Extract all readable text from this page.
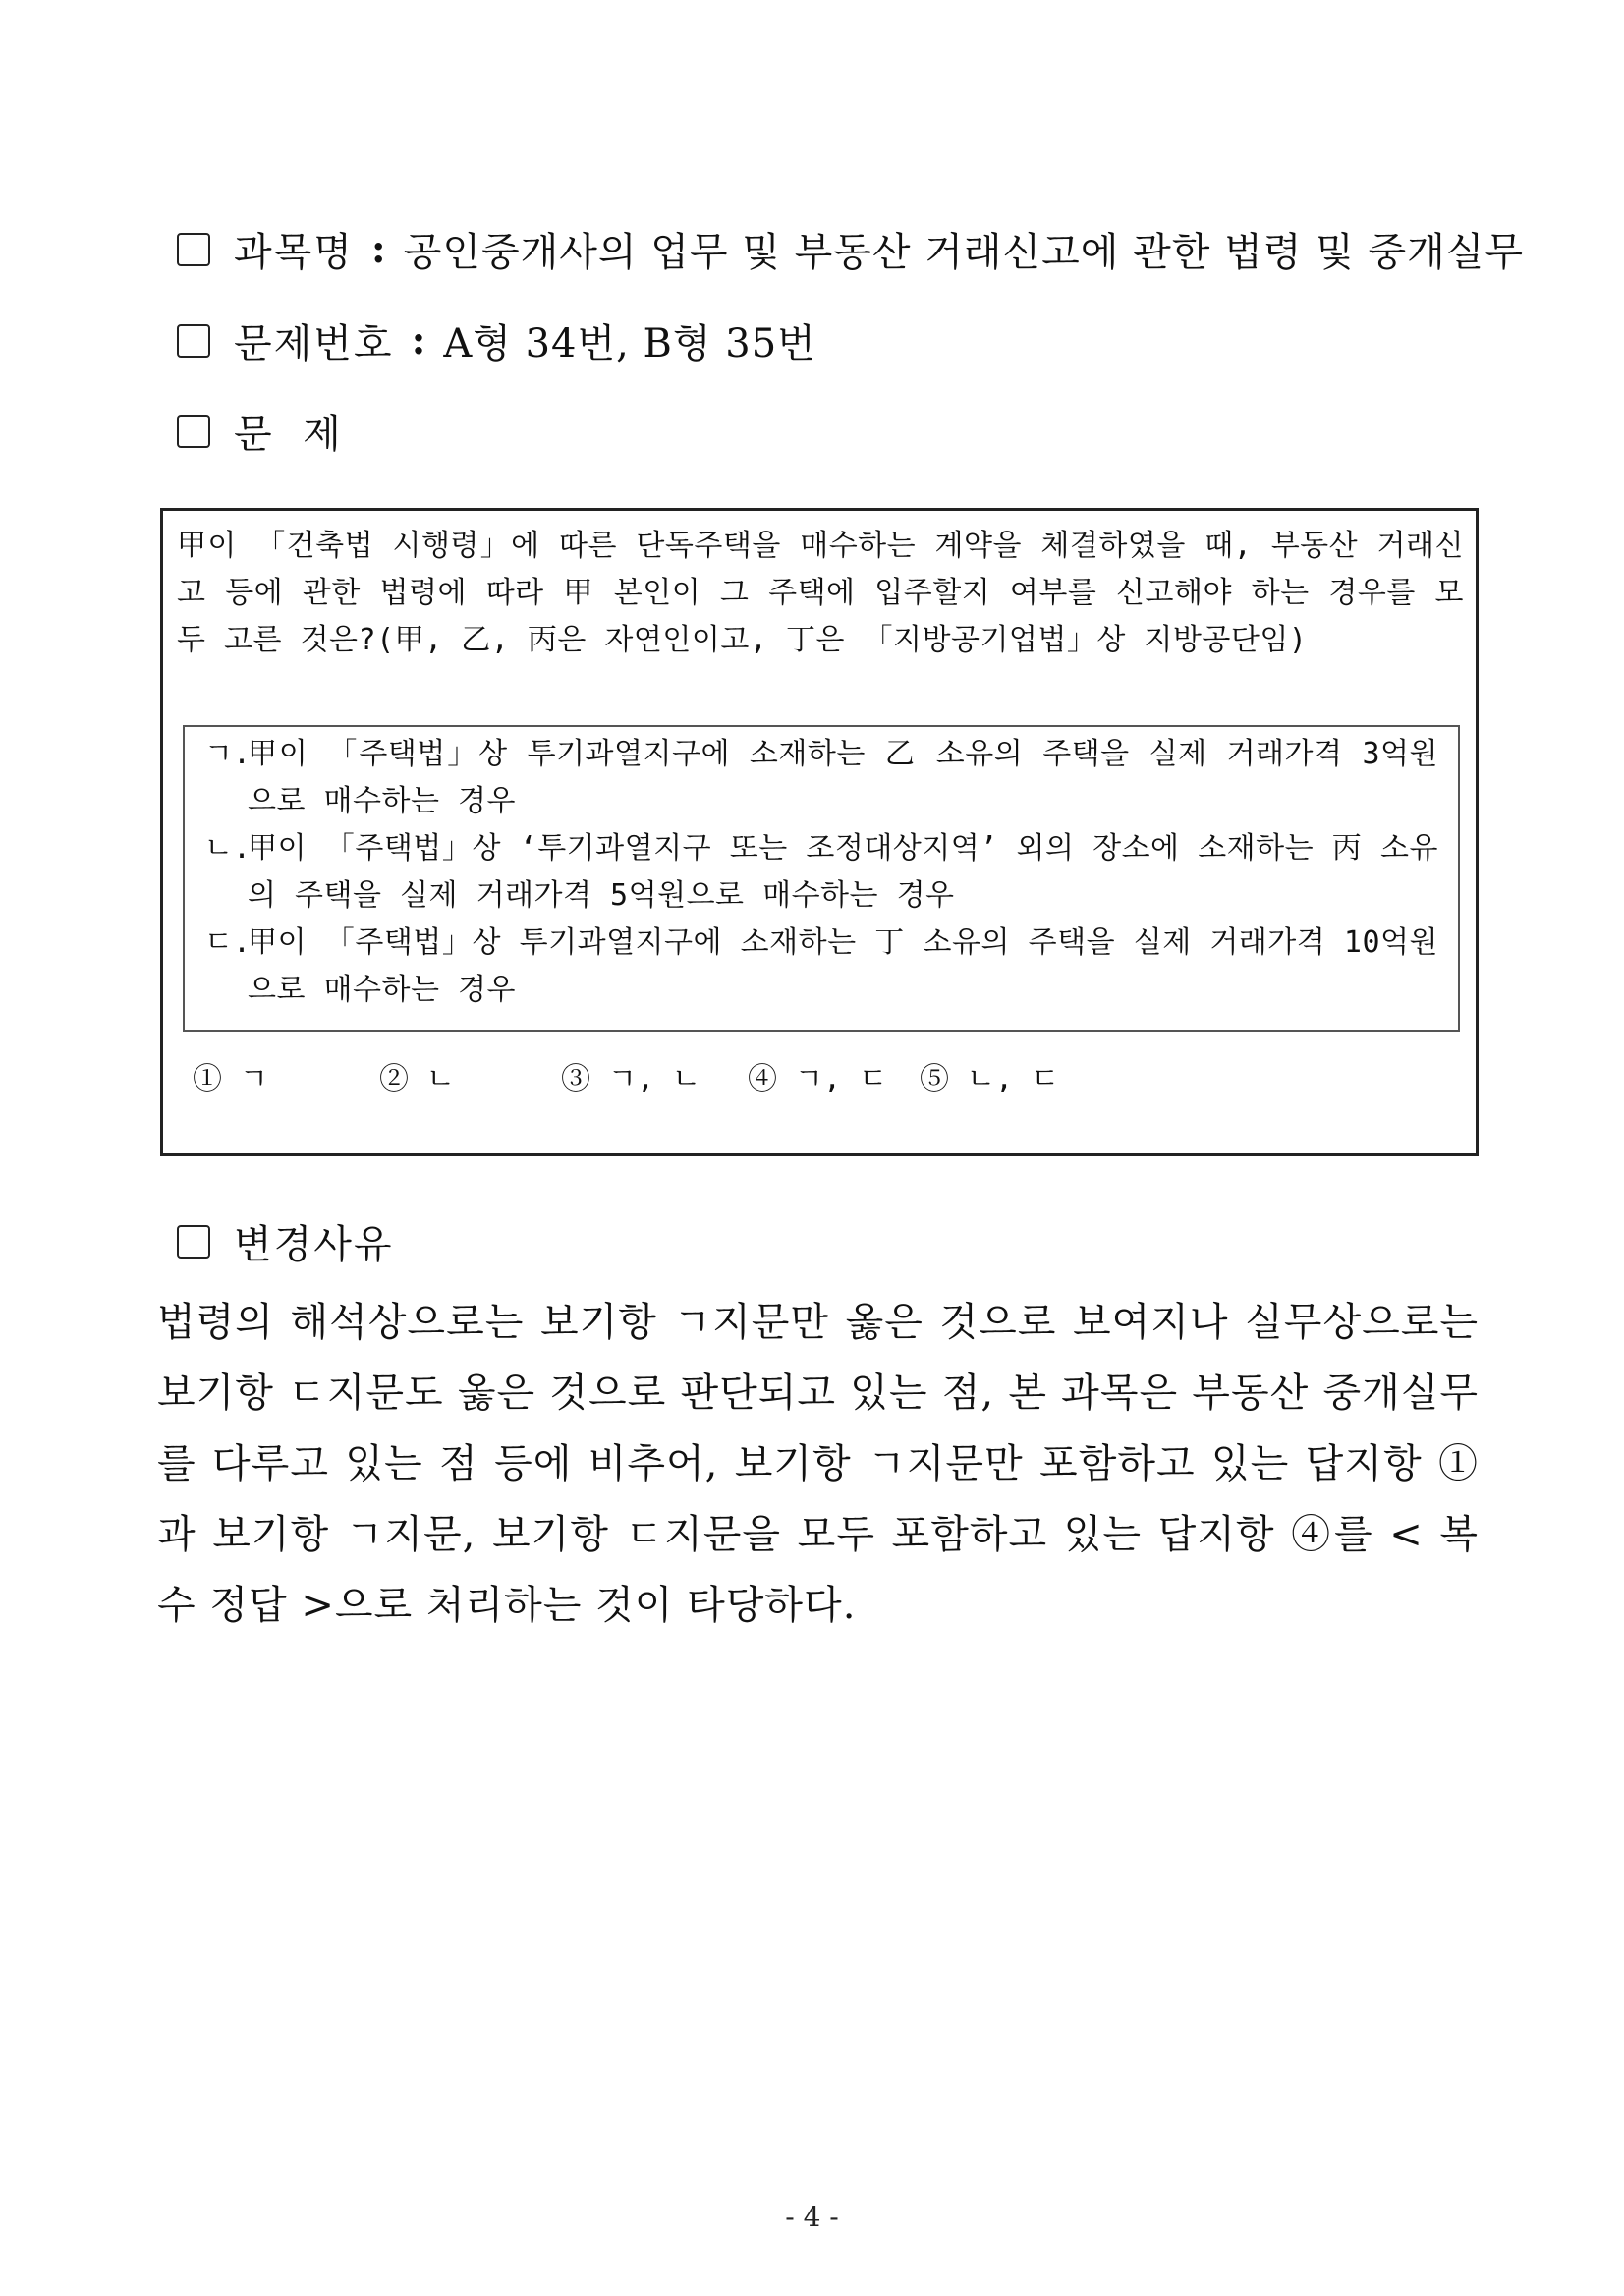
과목명 : 공인중개사의 업무 및 부동산 거래신고에 관한 법령 및 중개실무
문제번호 : A형 34번, B형 35번
문  제
甲이 「건축법 시행령」에 따른 단독주택을 매수하는 계약을 체결하였을 때, 부동산 거래신고 등에 관한 법령에 따라 甲 본인이 그 주택에 입주할지 여부를 신고해야 하는 경우를 모두 고른 것은?(甲, 乙, 丙은 자연인이고, 丁은 「지방공기업법」상 지방공단임)
ㄱ.
甲이 「주택법」상 투기과열지구에 소재하는 乙 소유의 주택을 실제 거래가격 3억원으로 매수하는 경우
ㄴ.
甲이 「주택법」상 ‘투기과열지구 또는 조정대상지역’ 외의 장소에 소재하는 丙 소유의 주택을 실제 거래가격 5억원으로 매수하는 경우
ㄷ.
甲이 「주택법」상 투기과열지구에 소재하는 丁 소유의 주택을 실제 거래가격 10억원으로 매수하는 경우
① ㄱ	② ㄴ	③ ㄱ, ㄴ	④ ㄱ, ㄷ	⑤ ㄴ, ㄷ
변경사유
법령의 해석상으로는 보기항 ㄱ지문만 옳은 것으로 보여지나 실무상으로는 보기항 ㄷ지문도 옳은 것으로 판단되고 있는 점, 본 과목은 부동산 중개실무를 다루고 있는 점 등에 비추어, 보기항 ㄱ지문만 포함하고 있는 답지항 ①과 보기항 ㄱ지문, 보기항 ㄷ지문을 모두 포함하고 있는 답지항 ④를 < 복수 정답 >으로 처리하는 것이 타당하다.
- 4 -
